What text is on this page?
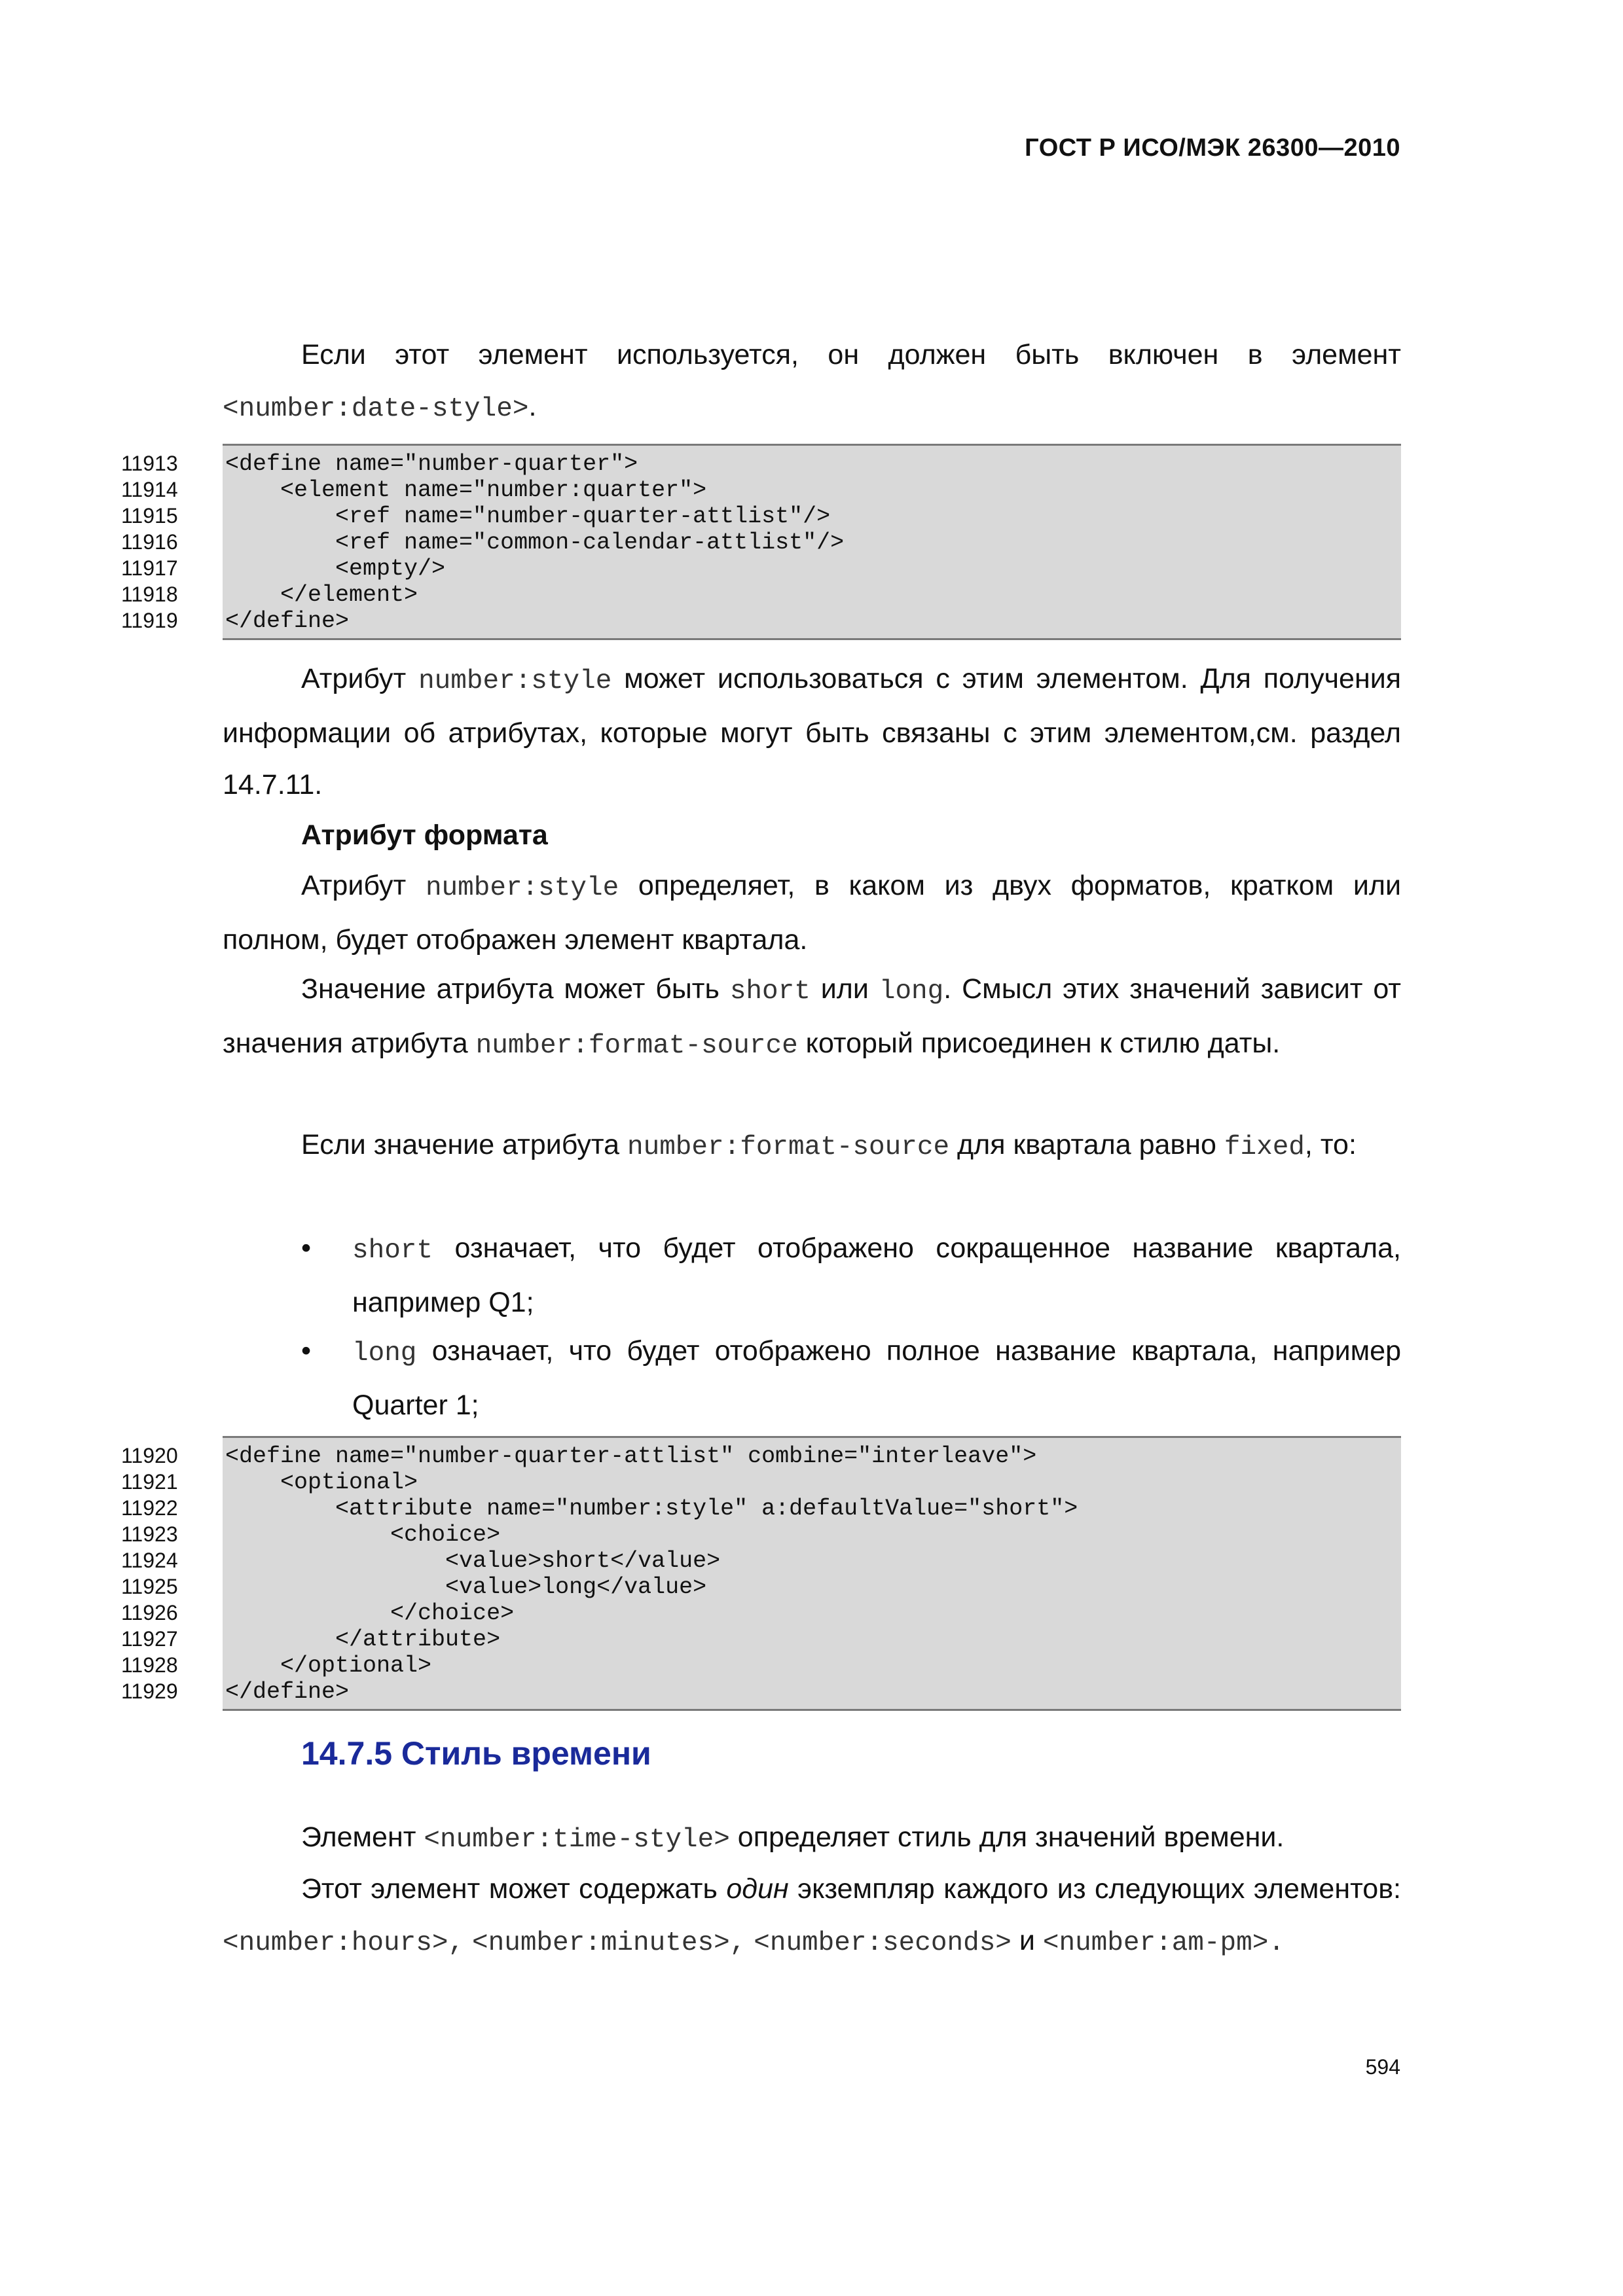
ГОСТ Р ИСО/МЭК 26300—2010
Если этот элемент используется, он должен быть включен в элемент
<number:date-style>.
11913
11914
11915
11916
11917
11918
11919
<define name="number-quarter">
<element name="number:quarter">
<ref name="number-quarter-attlist"/>
<ref name="common-calendar-attlist"/>
<empty/>
</element>
</define>
Атрибут number:style может использоваться с этим элементом. Для получения информации об атрибутах, которые могут быть связаны с этим элементом,см. раздел 14.7.11.
Атрибут формата
Атрибут number:style определяет, в каком из двух форматов, кратком или полном, будет отображен элемент квартала.
Значение атрибута может быть short или long. Смысл этих значений зависит от значения атрибута number:format-source который присоединен к стилю даты.
Если значение атрибута number:format-source для квартала равно fixed, то:
• short означает, что будет отображено сокращенное название квартала, например Q1;
• long означает, что будет отображено полное название квартала, например Quarter 1;
11920
11921
11922
11923
11924
11925
11926
11927
11928
11929
<define name="number-quarter-attlist" combine="interleave">
<optional>
<attribute name="number:style" a:defaultValue="short">
<choice>
<value>short</value>
<value>long</value>
</choice>
</attribute>
</optional>
</define>
14.7.5 Стиль времени
Элемент <number:time-style> определяет стиль для значений времени.
Этот элемент может содержать один экземпляр каждого из следующих элементов: <number:hours>, <number:minutes>, <number:seconds> и <number:am-pm>.
594
